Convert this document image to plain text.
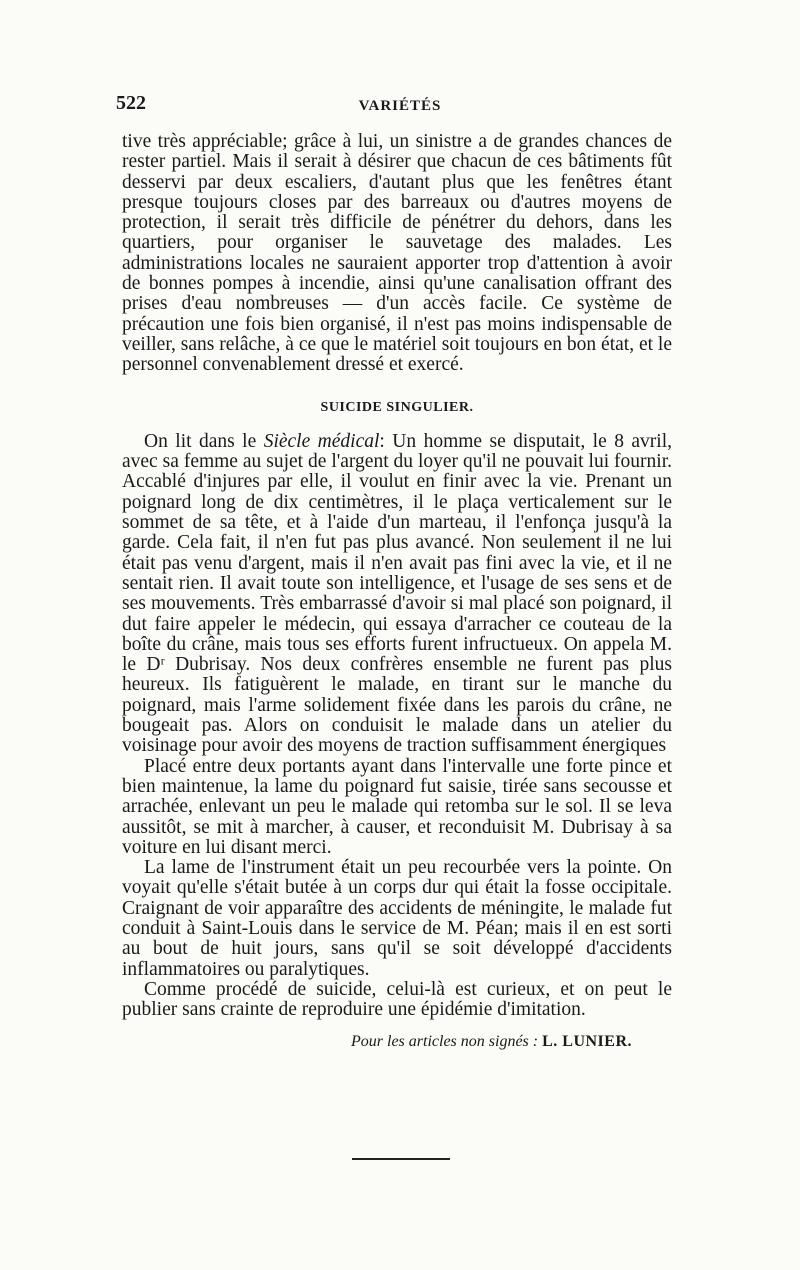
522	VARIÉTÉS

tive très appréciable; grâce à lui, un sinistre a de grandes chances de rester partiel. Mais il serait à désirer que chacun de ces bâtiments fût desservi par deux escaliers, d'autant plus que les fenêtres étant presque toujours closes par des barreaux ou d'autres moyens de protection, il serait très difficile de pénétrer du dehors, dans les quartiers, pour organiser le sauvetage des malades. Les administrations locales ne sauraient apporter trop d'attention à avoir de bonnes pompes à incendie, ainsi qu'une canalisation offrant des prises d'eau nombreuses — d'un accès facile. Ce système de précaution une fois bien organisé, il n'est pas moins indispensable de veiller, sans relâche, à ce que le matériel soit toujours en bon état, et le personnel convenablement dressé et exercé.

SUICIDE SINGULIER.

On lit dans le Siècle médical: Un homme se disputait, le 8 avril, avec sa femme au sujet de l'argent du loyer qu'il ne pouvait lui fournir. Accablé d'injures par elle, il voulut en finir avec la vie. Prenant un poignard long de dix centimètres, il le plaça verticalement sur le sommet de sa tête, et à l'aide d'un marteau, il l'enfonça jusqu'à la garde. Cela fait, il n'en fut pas plus avancé. Non seulement il ne lui était pas venu d'argent, mais il n'en avait pas fini avec la vie, et il ne sentait rien. Il avait toute son intelligence, et l'usage de ses sens et de ses mouvements. Très embarrassé d'avoir si mal placé son poignard, il dut faire appeler le médecin, qui essaya d'arracher ce couteau de la boîte du crâne, mais tous ses efforts furent infructueux. On appela M. le Dʳ Dubrisay. Nos deux confrères ensemble ne furent pas plus heureux. Ils fatiguèrent le malade, en tirant sur le manche du poignard, mais l'arme solidement fixée dans les parois du crâne, ne bougeait pas. Alors on conduisit le malade dans un atelier du voisinage pour avoir des moyens de traction suffisamment énergiques

Placé entre deux portants ayant dans l'intervalle une forte pince et bien maintenue, la lame du poignard fut saisie, tirée sans secousse et arrachée, enlevant un peu le malade qui retomba sur le sol. Il se leva aussitôt, se mit à marcher, à causer, et reconduisit M. Dubrisay à sa voiture en lui disant merci.

La lame de l'instrument était un peu recourbée vers la pointe. On voyait qu'elle s'était butée à un corps dur qui était la fosse occipitale. Craignant de voir apparaître des accidents de méningite, le malade fut conduit à Saint-Louis dans le service de M. Péan; mais il en est sorti au bout de huit jours, sans qu'il se soit développé d'accidents inflammatoires ou paralytiques.

Comme procédé de suicide, celui-là est curieux, et on peut le publier sans crainte de reproduire une épidémie d'imitation.

Pour les articles non signés : L. LUNIER.
